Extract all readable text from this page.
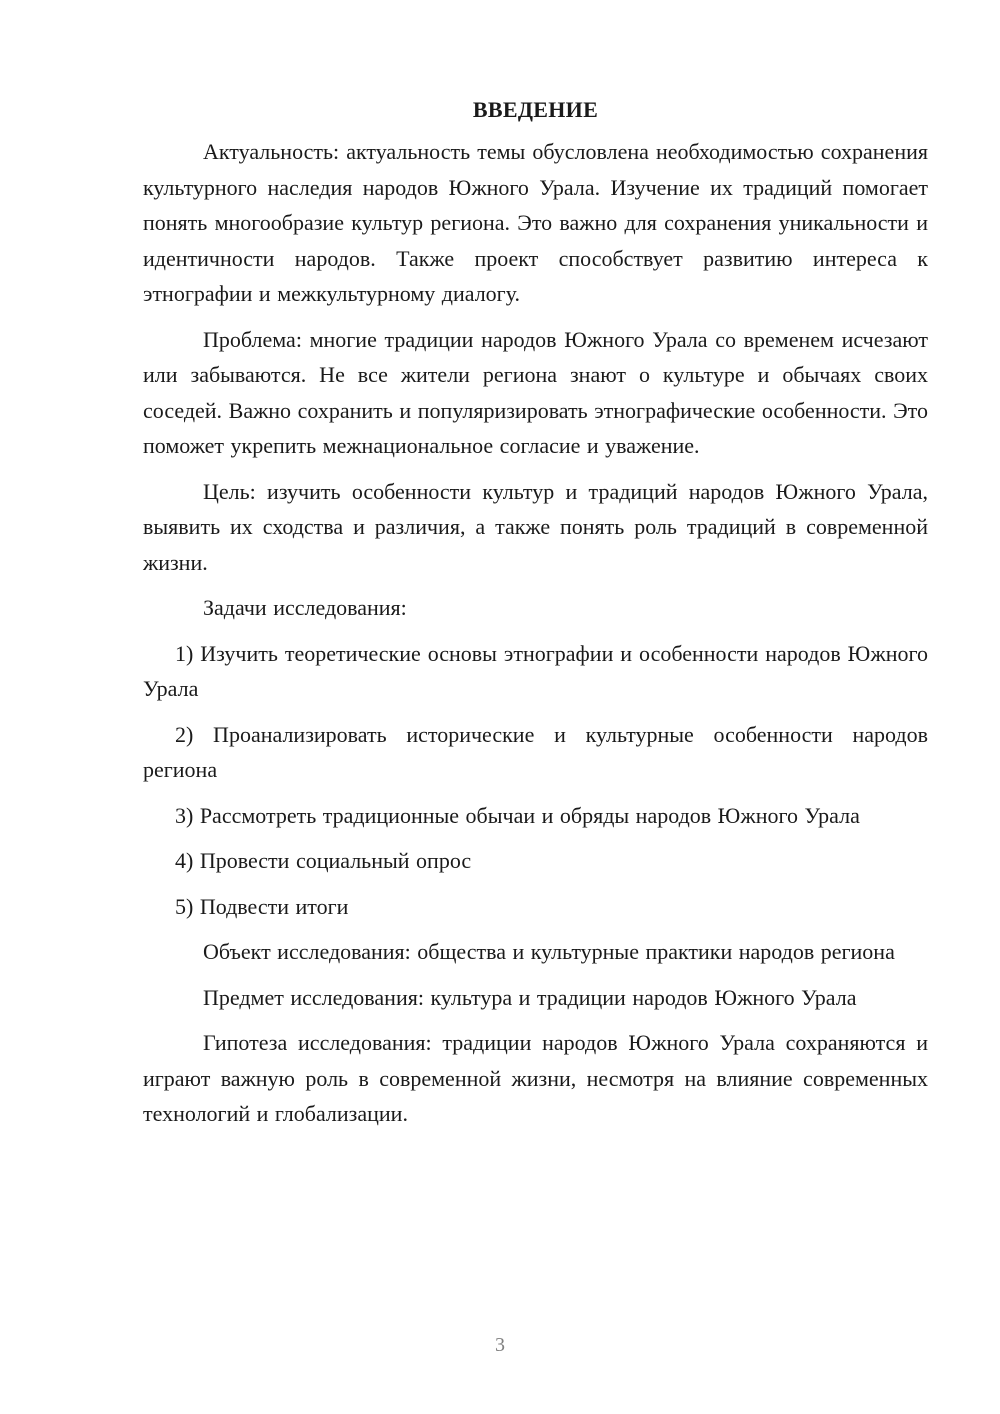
ВВЕДЕНИЕ

Актуальность: актуальность темы обусловлена необходимостью сохранения культурного наследия народов Южного Урала. Изучение их традиций помогает понять многообразие культур региона. Это важно для сохранения уникальности и идентичности народов. Также проект способствует развитию интереса к этнографии и межкультурному диалогу.

Проблема: многие традиции народов Южного Урала со временем исчезают или забываются. Не все жители региона знают о культуре и обычаях своих соседей. Важно сохранить и популяризировать этнографические особенности. Это поможет укрепить межнациональное согласие и уважение.

Цель: изучить особенности культур и традиций народов Южного Урала, выявить их сходства и различия, а также понять роль традиций в современной жизни.

Задачи исследования:

1) Изучить теоретические основы этнографии и особенности народов Южного Урала

2) Проанализировать исторические и культурные особенности народов региона

3) Рассмотреть традиционные обычаи и обряды народов Южного Урала

4) Провести социальный опрос

5) Подвести итоги

Объект исследования: общества и культурные практики народов региона

Предмет исследования: культура и традиции народов Южного Урала

Гипотеза исследования: традиции народов Южного Урала сохраняются и играют важную роль в современной жизни, несмотря на влияние современных технологий и глобализации.

3
